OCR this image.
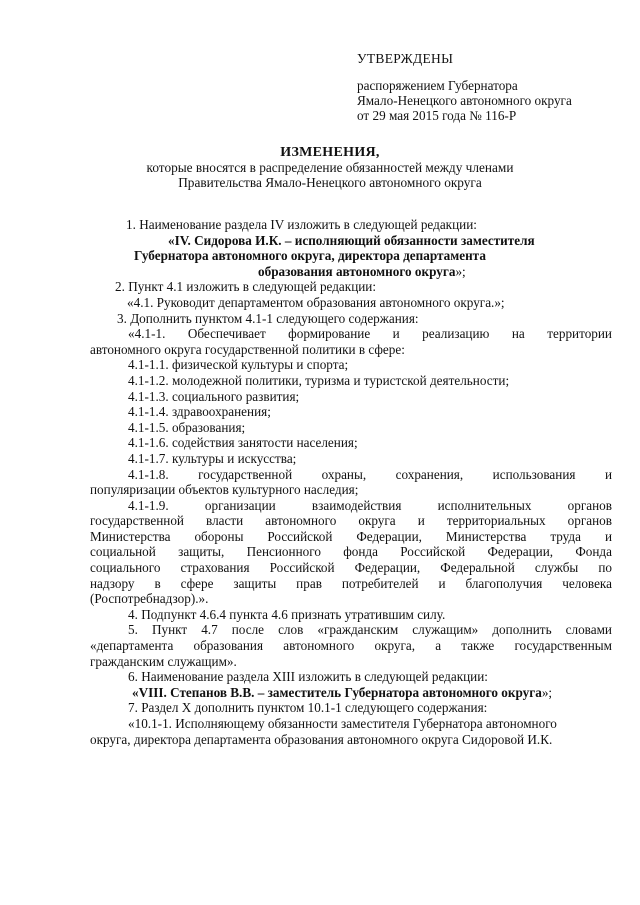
УТВЕРЖДЕНЫ
распоряжением Губернатора
Ямало-Ненецкого автономного округа
от 29 мая 2015 года № 116-Р
ИЗМЕНЕНИЯ,
которые вносятся в распределение обязанностей между членами
Правительства Ямало-Ненецкого автономного округа

1. Наименование раздела IV изложить в следующей редакции:

«IV. Сидорова И.К. – исполняющий обязанности заместителя

Губернатора автономного округа, директора департамента

образования автономного округа»;

2. Пункт 4.1 изложить в следующей редакции:

«4.1. Руководит департаментом образования автономного округа.»;

3. Дополнить пунктом 4.1-1 следующего содержания:

«4.1-1. Обеспечивает формирование и реализацию на территории

автономного округа государственной политики в сфере:

4.1-1.1. физической культуры и спорта;

4.1-1.2. молодежной политики, туризма и туристской деятельности;

4.1-1.3. социального развития;

4.1-1.4. здравоохранения;

4.1-1.5. образования;

4.1-1.6. содействия занятости населения;

4.1-1.7. культуры и искусства;

4.1-1.8. государственной охраны, сохранения, использования и

популяризации объектов культурного наследия;

4.1-1.9. организации взаимодействия исполнительных органов

государственной власти автономного округа и территориальных органов

Министерства обороны Российской Федерации, Министерства труда и

социальной защиты, Пенсионного фонда Российской Федерации, Фонда

социального страхования Российской Федерации, Федеральной службы по

надзору в сфере защиты прав потребителей и благополучия человека

(Роспотребнадзор).».

4. Подпункт 4.6.4 пункта 4.6 признать утратившим силу.

5. Пункт 4.7 после слов «гражданским служащим» дополнить словами

«департамента образования автономного округа, а также государственным

гражданским служащим».

6. Наименование раздела XIII изложить в следующей редакции:

«VIII. Степанов В.В. – заместитель Губернатора автономного округа»;

7. Раздел X дополнить пунктом 10.1-1 следующего содержания:

«10.1-1. Исполняющему обязанности заместителя Губернатора автономного

округа, директора департамента образования автономного округа Сидоровой И.К.
